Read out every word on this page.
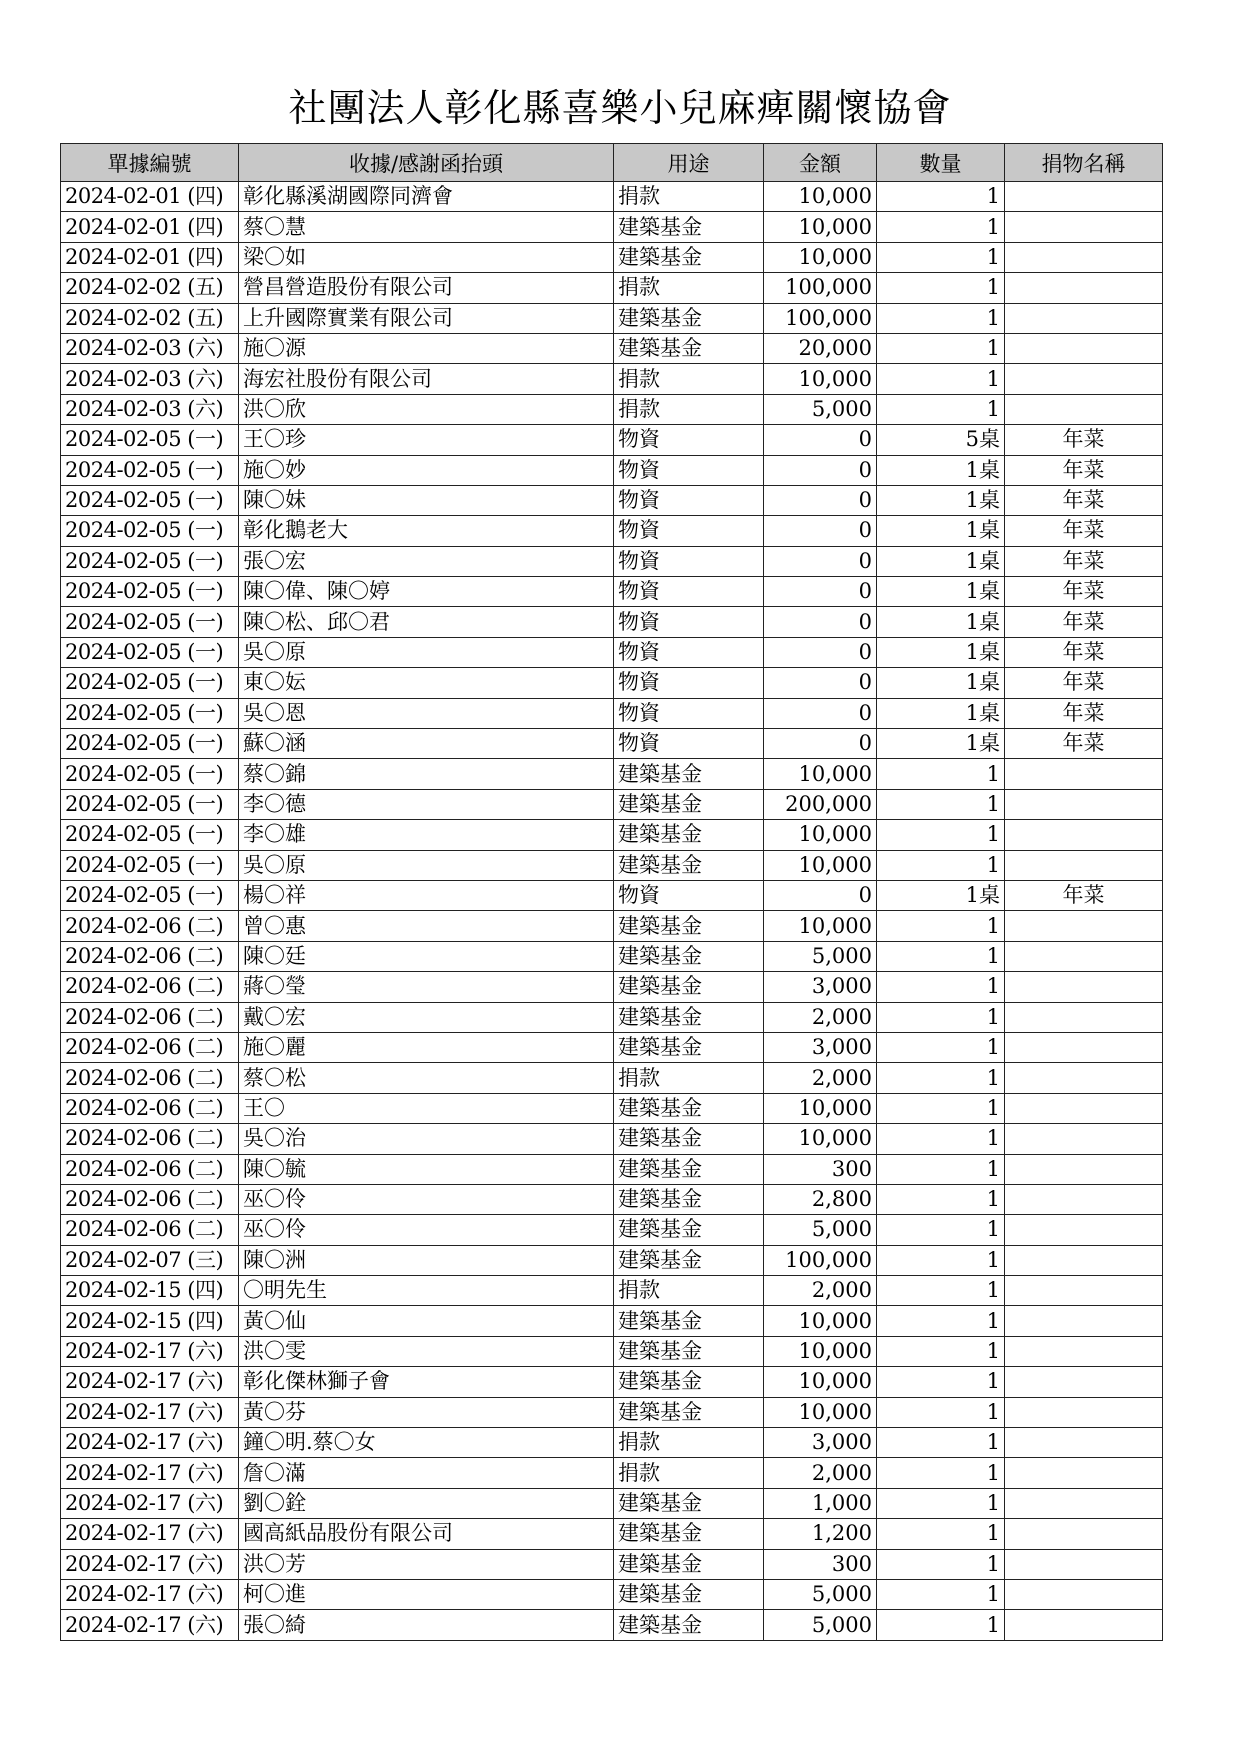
社團法人彰化縣喜樂小兒麻痺關懷協會
單據編號	收據/感謝函抬頭	用途	金額	數量	捐物名稱
2024-02-01 (四)	彰化縣溪湖國際同濟會	捐款	10,000	1	
2024-02-01 (四)	蔡〇慧	建築基金	10,000	1	
2024-02-01 (四)	梁〇如	建築基金	10,000	1	
2024-02-02 (五)	營昌營造股份有限公司	捐款	100,000	1	
2024-02-02 (五)	上升國際實業有限公司	建築基金	100,000	1	
2024-02-03 (六)	施〇源	建築基金	20,000	1	
2024-02-03 (六)	海宏社股份有限公司	捐款	10,000	1	
2024-02-03 (六)	洪〇欣	捐款	5,000	1	
2024-02-05 (一)	王〇珍	物資	0	5桌	年菜
2024-02-05 (一)	施〇妙	物資	0	1桌	年菜
2024-02-05 (一)	陳〇妹	物資	0	1桌	年菜
2024-02-05 (一)	彰化鵝老大	物資	0	1桌	年菜
2024-02-05 (一)	張〇宏	物資	0	1桌	年菜
2024-02-05 (一)	陳〇偉、陳〇婷	物資	0	1桌	年菜
2024-02-05 (一)	陳〇松、邱〇君	物資	0	1桌	年菜
2024-02-05 (一)	吳〇原	物資	0	1桌	年菜
2024-02-05 (一)	東〇妘	物資	0	1桌	年菜
2024-02-05 (一)	吳〇恩	物資	0	1桌	年菜
2024-02-05 (一)	蘇〇涵	物資	0	1桌	年菜
2024-02-05 (一)	蔡〇錦	建築基金	10,000	1	
2024-02-05 (一)	李〇德	建築基金	200,000	1	
2024-02-05 (一)	李〇雄	建築基金	10,000	1	
2024-02-05 (一)	吳〇原	建築基金	10,000	1	
2024-02-05 (一)	楊〇祥	物資	0	1桌	年菜
2024-02-06 (二)	曾〇惠	建築基金	10,000	1	
2024-02-06 (二)	陳〇廷	建築基金	5,000	1	
2024-02-06 (二)	蔣〇瑩	建築基金	3,000	1	
2024-02-06 (二)	戴〇宏	建築基金	2,000	1	
2024-02-06 (二)	施〇麗	建築基金	3,000	1	
2024-02-06 (二)	蔡〇松	捐款	2,000	1	
2024-02-06 (二)	王〇	建築基金	10,000	1	
2024-02-06 (二)	吳〇治	建築基金	10,000	1	
2024-02-06 (二)	陳〇毓	建築基金	300	1	
2024-02-06 (二)	巫〇伶	建築基金	2,800	1	
2024-02-06 (二)	巫〇伶	建築基金	5,000	1	
2024-02-07 (三)	陳〇洲	建築基金	100,000	1	
2024-02-15 (四)	〇明先生	捐款	2,000	1	
2024-02-15 (四)	黃〇仙	建築基金	10,000	1	
2024-02-17 (六)	洪〇雯	建築基金	10,000	1	
2024-02-17 (六)	彰化傑林獅子會	建築基金	10,000	1	
2024-02-17 (六)	黃〇芬	建築基金	10,000	1	
2024-02-17 (六)	鐘〇明.蔡〇女	捐款	3,000	1	
2024-02-17 (六)	詹〇滿	捐款	2,000	1	
2024-02-17 (六)	劉〇銓	建築基金	1,000	1	
2024-02-17 (六)	國高紙品股份有限公司	建築基金	1,200	1	
2024-02-17 (六)	洪〇芳	建築基金	300	1	
2024-02-17 (六)	柯〇進	建築基金	5,000	1	
2024-02-17 (六)	張〇綺	建築基金	5,000	1	
